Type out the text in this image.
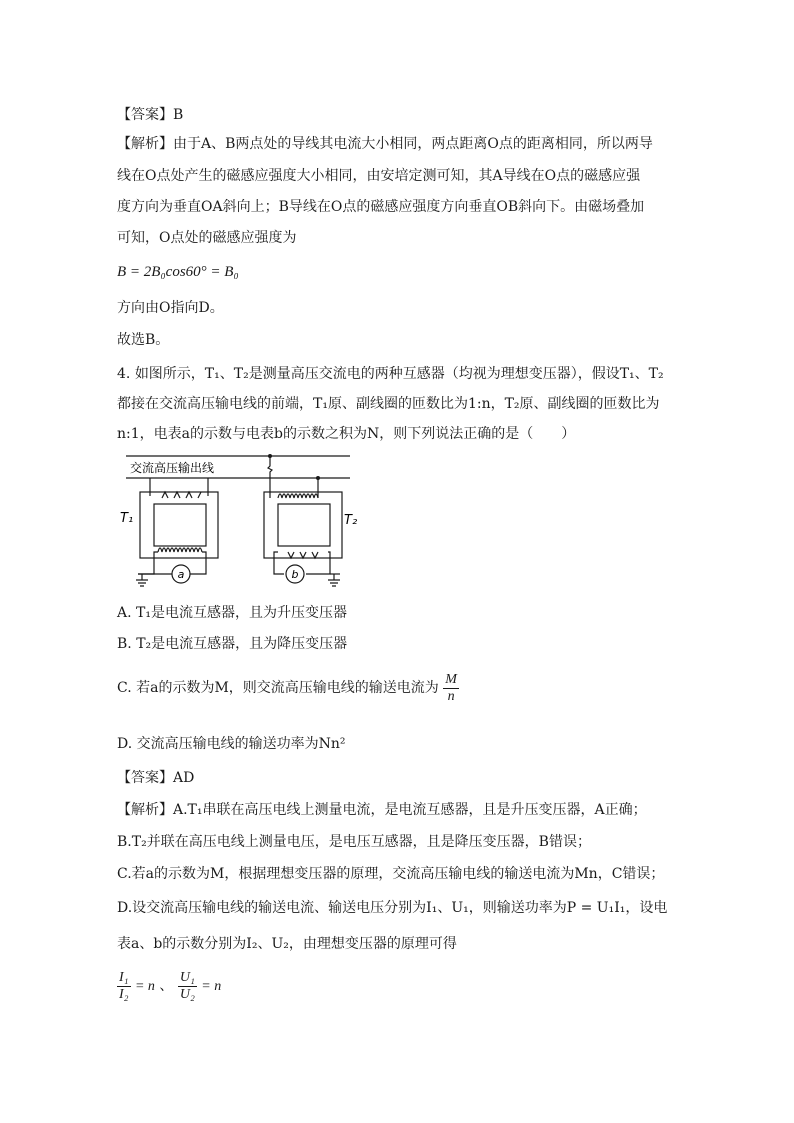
【答案】B
【解析】由于A、B两点处的导线其电流大小相同，两点距离O点的距离相同，所以两导
线在O点处产生的磁感应强度大小相同，由安培定测可知，其A导线在O点的磁感应强
度方向为垂直OA斜向上；B导线在O点的磁感应强度方向垂直OB斜向下。由磁场叠加
可知，O点处的磁感应强度为
B = 2B₀cos60° = B₀
方向由O指向D。
故选B。
4. 如图所示，T₁、T₂是测量高压交流电的两种互感器（均视为理想变压器），假设T₁、T₂
都接在交流高压输电线的前端，T₁原、副线圈的匝数比为1:n，T₂原、副线圈的匝数比为
n:1，电表a的示数与电表b的示数之积为N，则下列说法正确的是（　　）
a	b
交流高压输出线
T₁	T₂
A. T₁是电流互感器，且为升压变压器
B. T₂是电流互感器，且为降压变压器
C. 若a的示数为M，则交流高压输电线的输送电流为 $\frac{M}{n}$
D. 交流高压输电线的输送功率为Nn²
【答案】AD
【解析】A.T₁串联在高压电线上测量电流，是电流互感器，且是升压变压器，A正确；
B.T₂并联在高压电线上测量电压，是电压互感器，且是降压变压器，B错误；
C.若a的示数为M，根据理想变压器的原理，交流高压输电线的输送电流为Mn，C错误；
D.设交流高压输电线的输送电流、输送电压分别为I₁、U₁，则输送功率为P = U₁I₁，设电
表a、b的示数分别为I₂、U₂，由理想变压器的原理可得
$\frac{\text{I₁}}{\text{I₂}} = n$ 、 $\frac{\text{U₁}}{\text{U₂}} = n$
